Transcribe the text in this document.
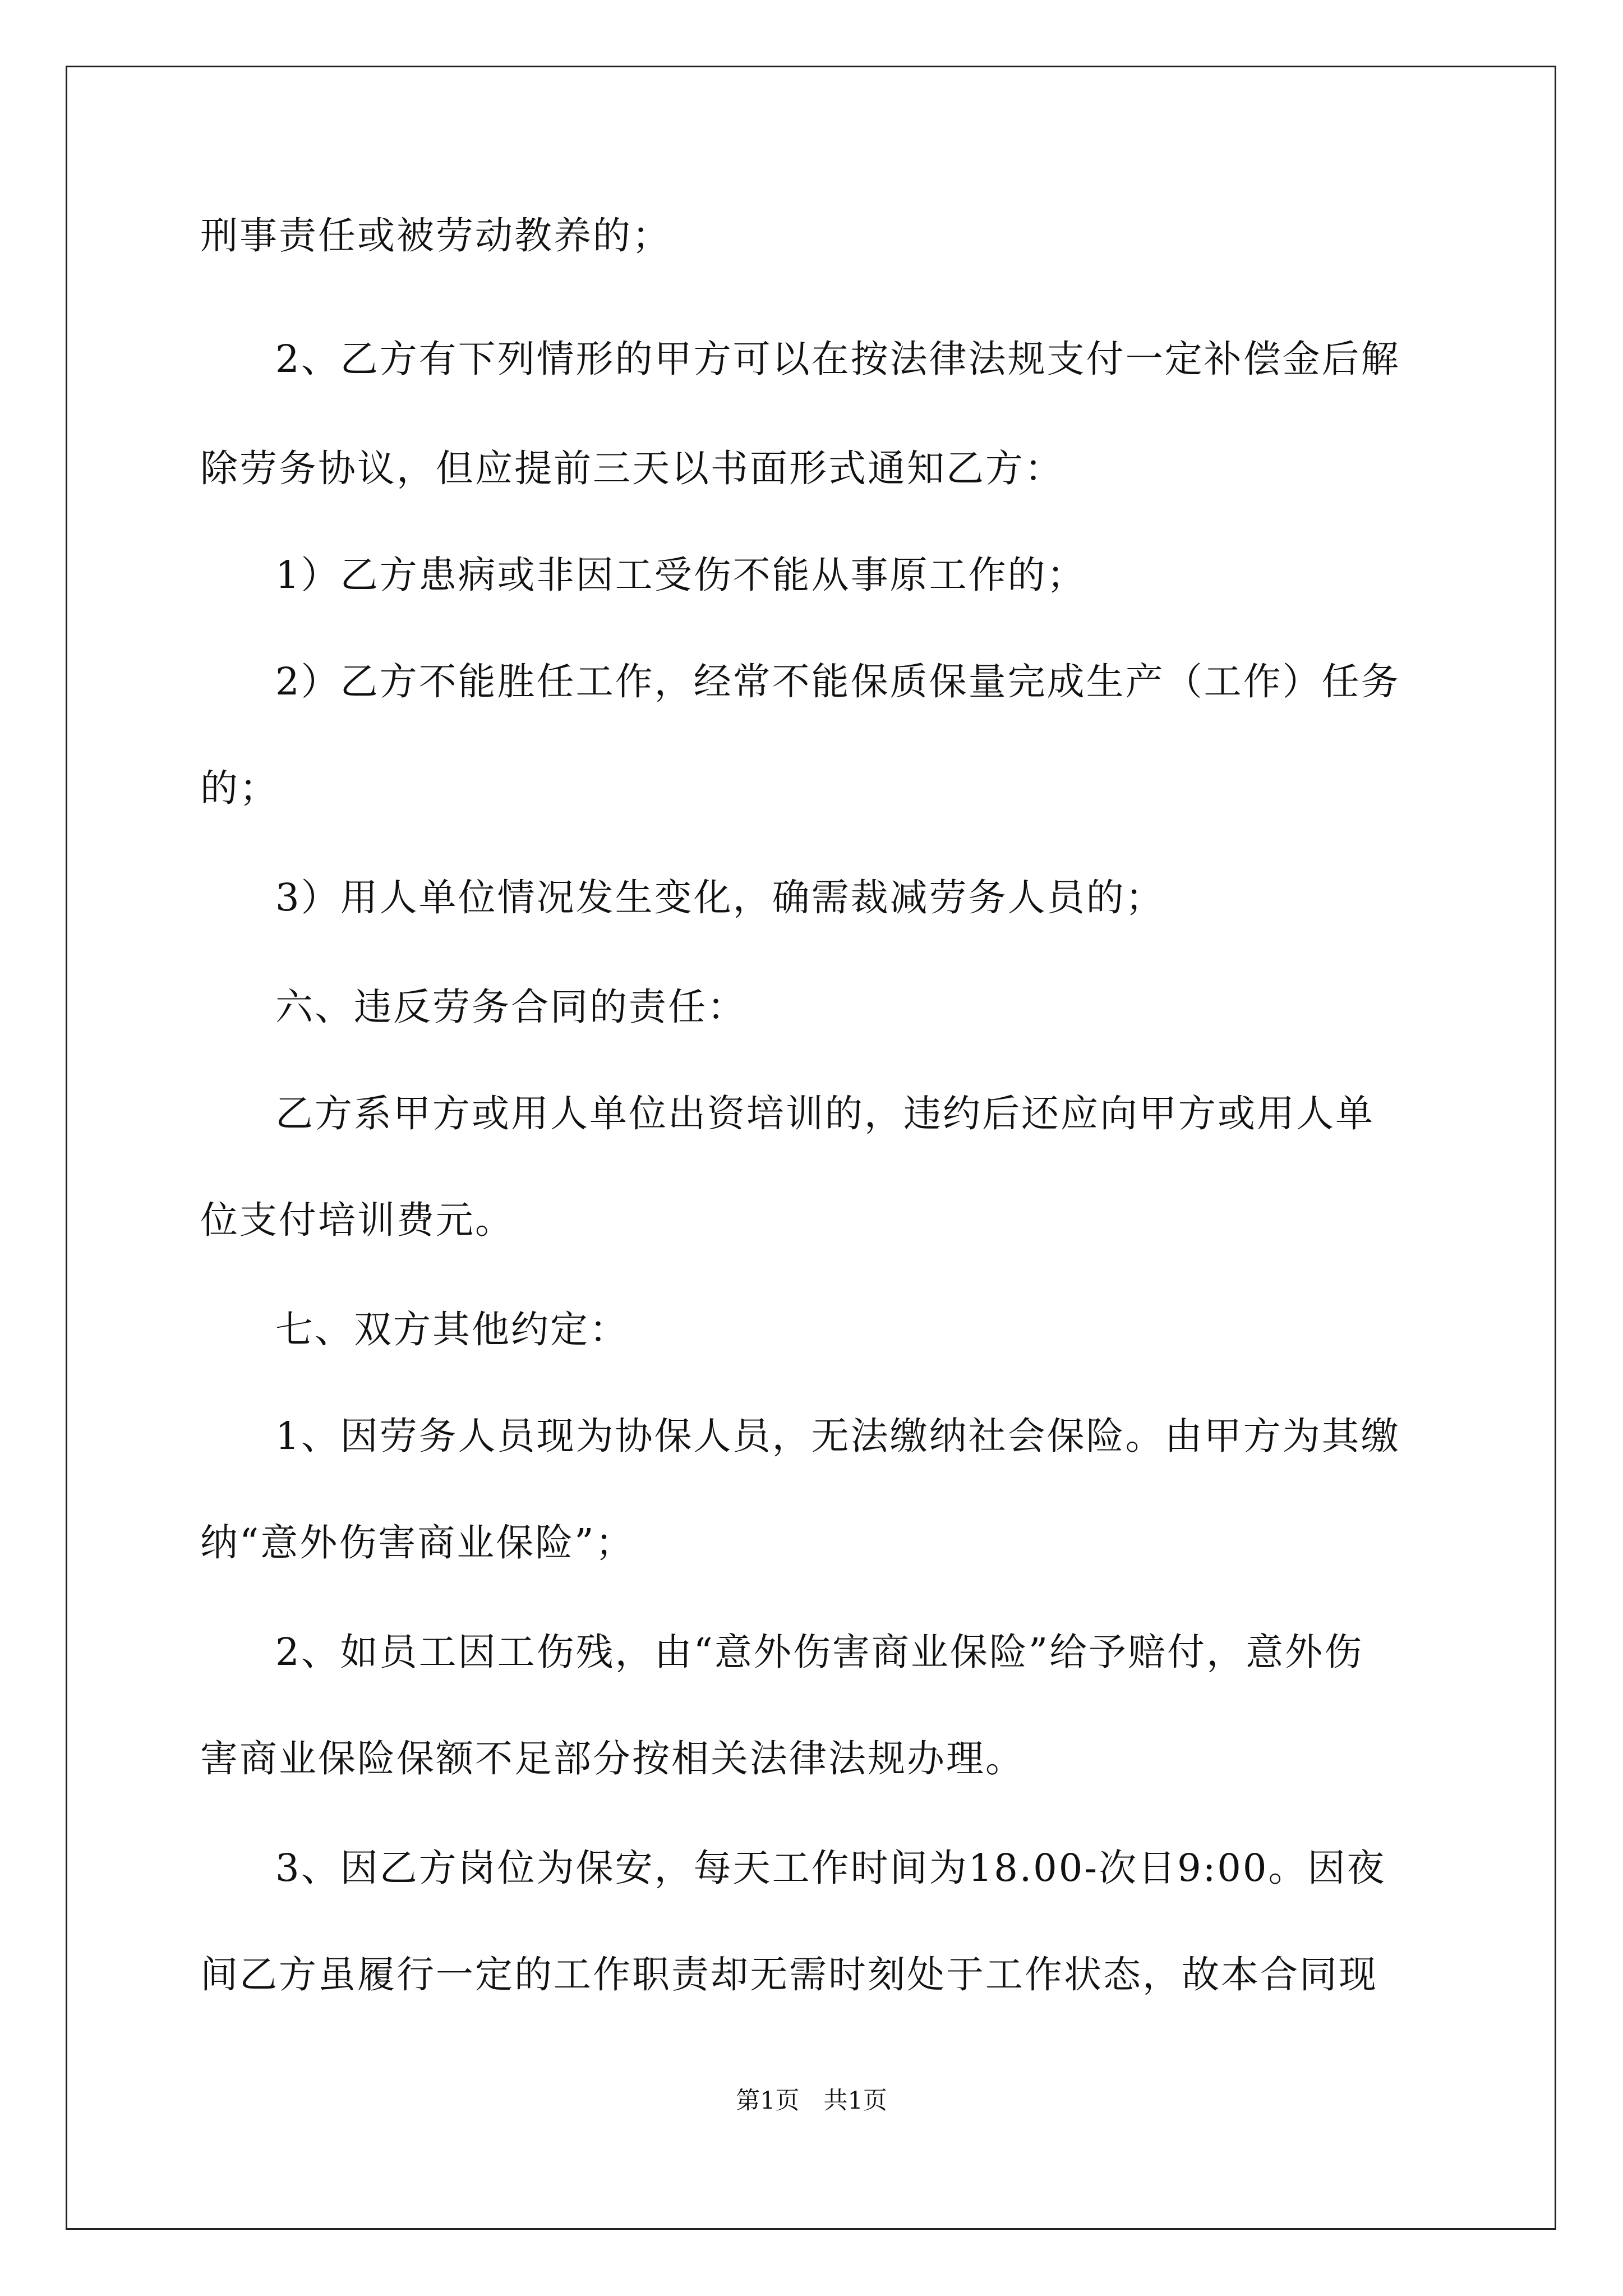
刑事责任或被劳动教养的；
2、乙方有下列情形的甲方可以在按法律法规支付一定补偿金后解
除劳务协议，但应提前三天以书面形式通知乙方：
1）乙方患病或非因工受伤不能从事原工作的；
2）乙方不能胜任工作，经常不能保质保量完成生产（工作）任务
的；
3）用人单位情况发生变化，确需裁减劳务人员的；
六、违反劳务合同的责任：
乙方系甲方或用人单位出资培训的，违约后还应向甲方或用人单
位支付培训费元。
七、双方其他约定：
1、因劳务人员现为协保人员，无法缴纳社会保险。由甲方为其缴
纳“意外伤害商业保险”；
2、如员工因工伤残，由“意外伤害商业保险”给予赔付，意外伤
害商业保险保额不足部分按相关法律法规办理。
3、因乙方岗位为保安，每天工作时间为18.00-次日9:00。因夜
间乙方虽履行一定的工作职责却无需时刻处于工作状态，故本合同现
第1页　共1页
